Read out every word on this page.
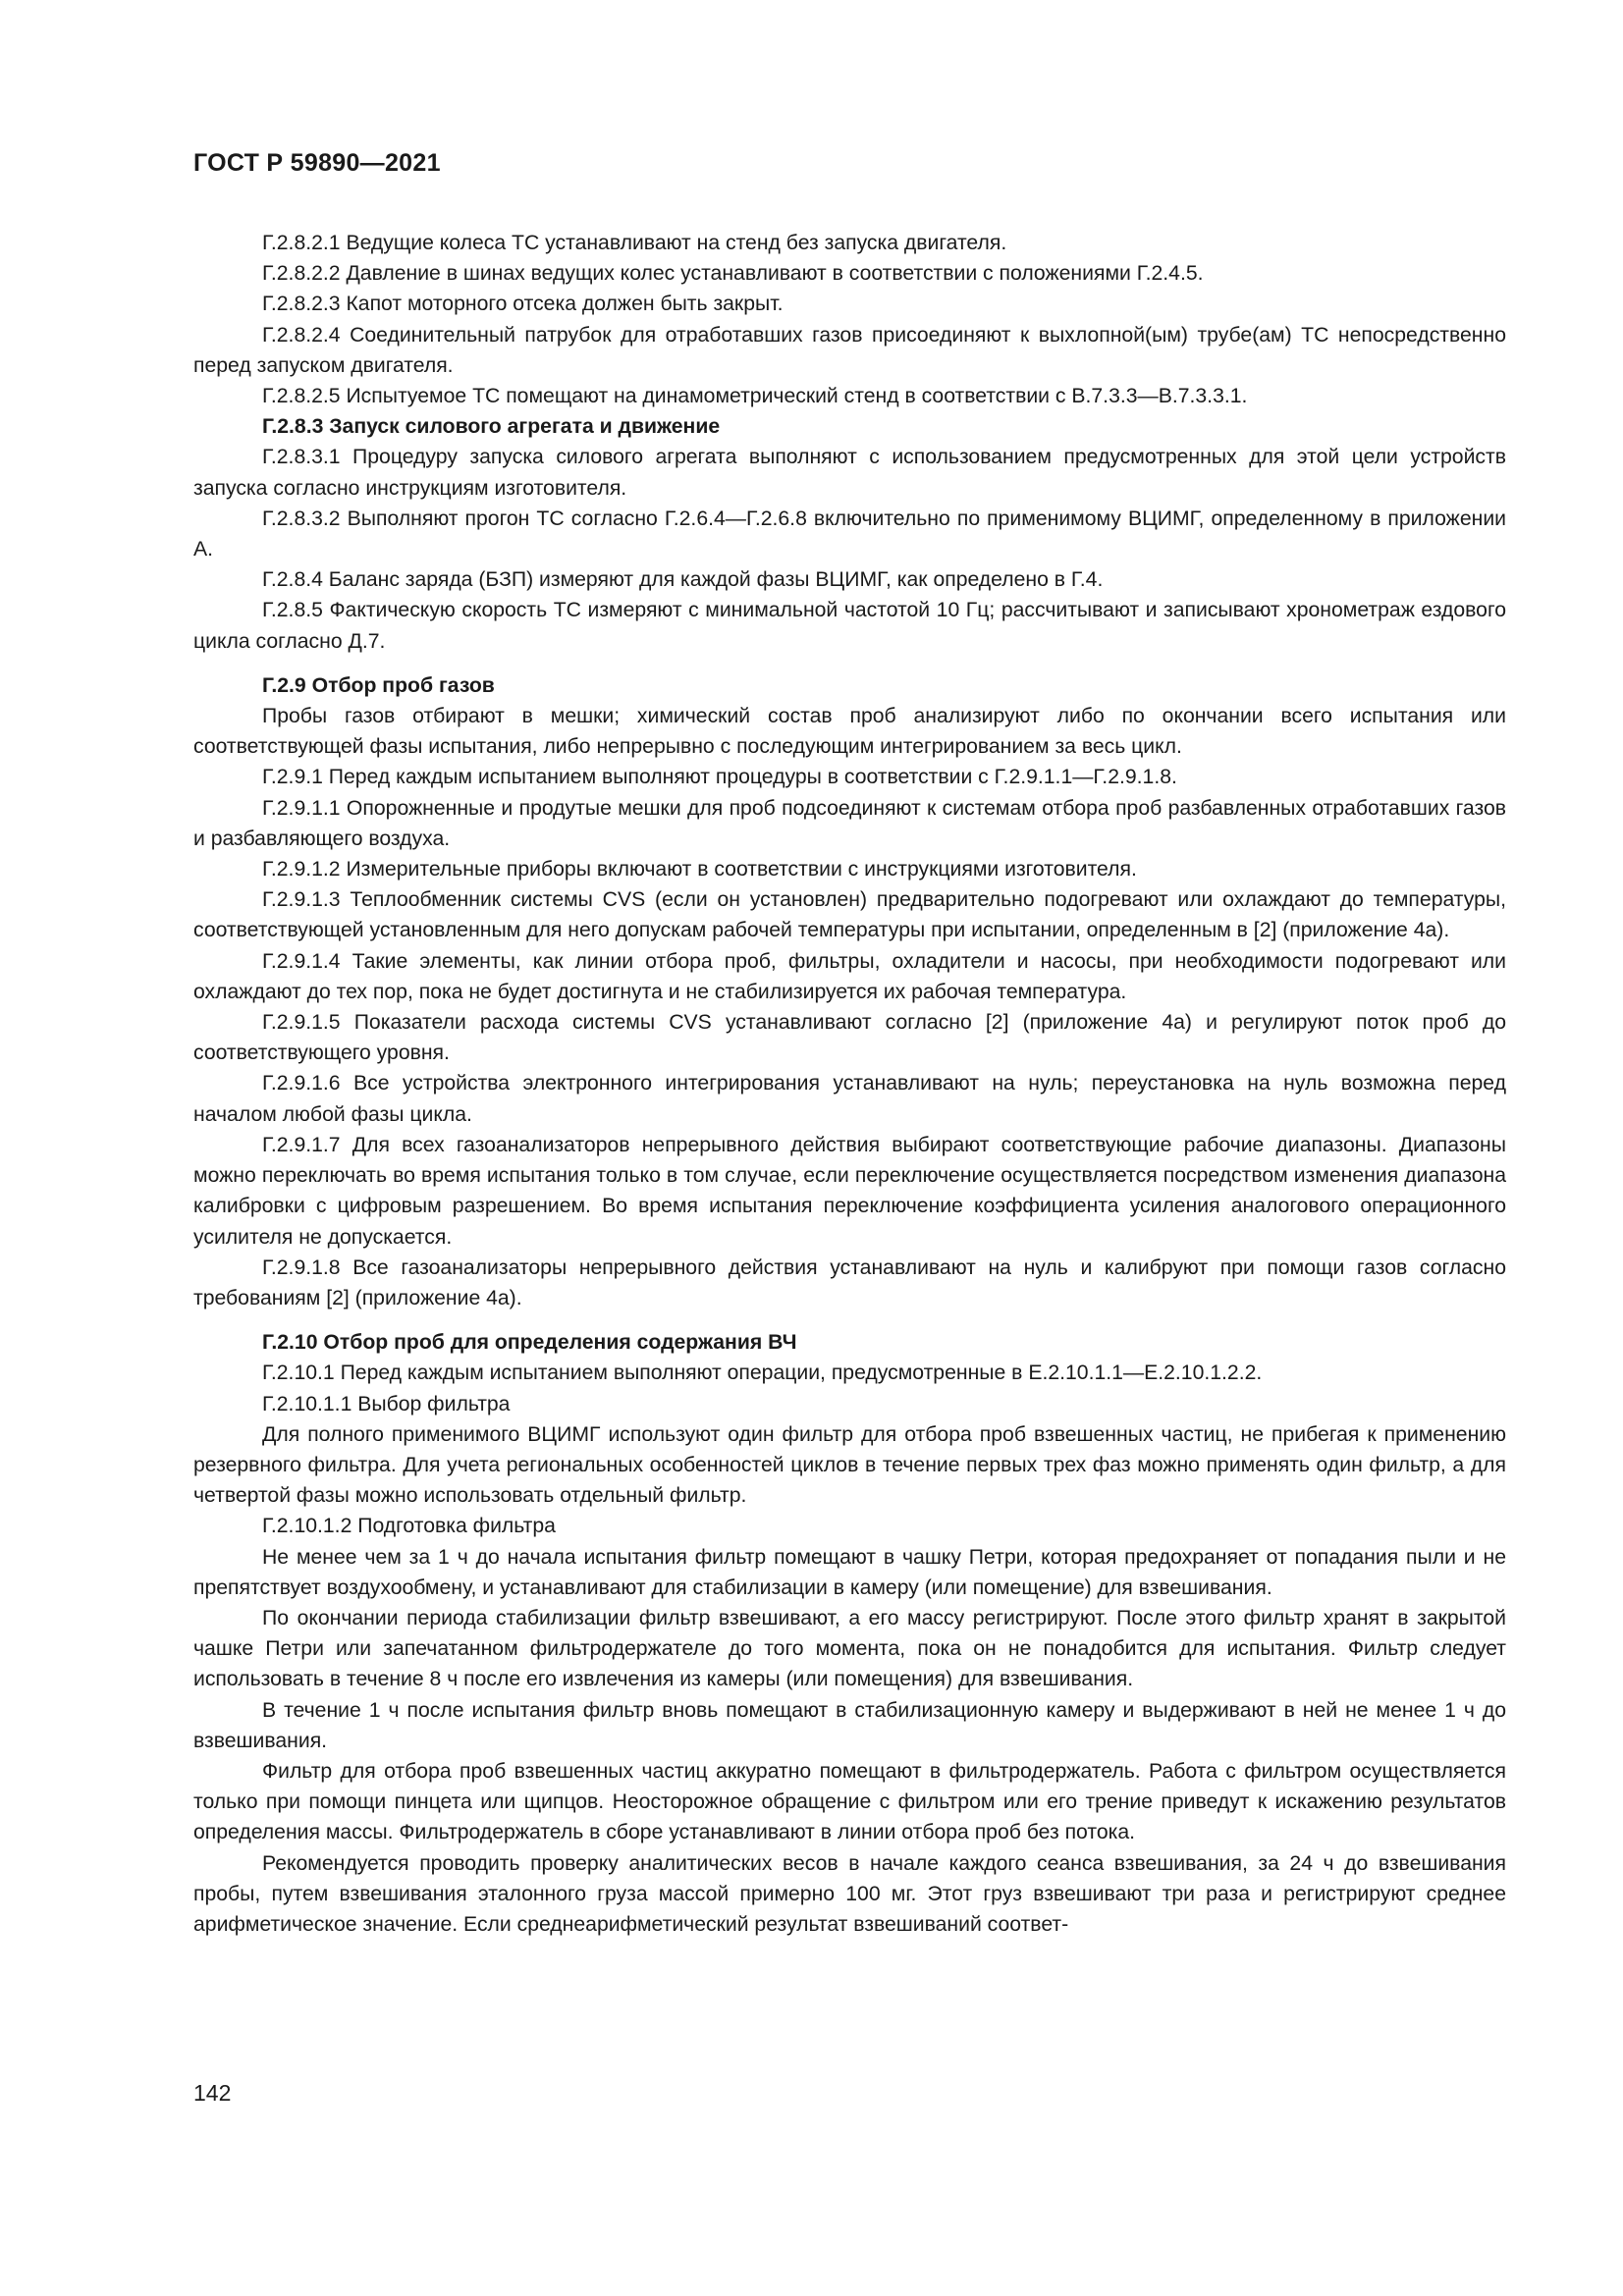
ГОСТ Р 59890—2021

Г.2.8.2.1 Ведущие колеса ТС устанавливают на стенд без запуска двигателя.

Г.2.8.2.2 Давление в шинах ведущих колес устанавливают в соответствии с положениями Г.2.4.5.

Г.2.8.2.3 Капот моторного отсека должен быть закрыт.

Г.2.8.2.4 Соединительный патрубок для отработавших газов присоединяют к выхлопной(ым) трубе(ам) ТС непосредственно перед запуском двигателя.

Г.2.8.2.5 Испытуемое ТС помещают на динамометрический стенд в соответствии с В.7.3.3—В.7.3.3.1.

Г.2.8.3 Запуск силового агрегата и движение

Г.2.8.3.1 Процедуру запуска силового агрегата выполняют с использованием предусмотренных для этой цели устройств запуска согласно инструкциям изготовителя.

Г.2.8.3.2 Выполняют прогон ТС согласно Г.2.6.4—Г.2.6.8 включительно по применимому ВЦИМГ, определенному в приложении А.

Г.2.8.4 Баланс заряда (БЗП) измеряют для каждой фазы ВЦИМГ, как определено в Г.4.

Г.2.8.5 Фактическую скорость ТС измеряют с минимальной частотой 10 Гц; рассчитывают и записывают хронометраж ездового цикла согласно Д.7.

Г.2.9 Отбор проб газов

Пробы газов отбирают в мешки; химический состав проб анализируют либо по окончании всего испытания или соответствующей фазы испытания, либо непрерывно с последующим интегрированием за весь цикл.

Г.2.9.1 Перед каждым испытанием выполняют процедуры в соответствии с Г.2.9.1.1—Г.2.9.1.8.

Г.2.9.1.1 Опорожненные и продутые мешки для проб подсоединяют к системам отбора проб разбавленных отработавших газов и разбавляющего воздуха.

Г.2.9.1.2 Измерительные приборы включают в соответствии с инструкциями изготовителя.

Г.2.9.1.3 Теплообменник системы CVS (если он установлен) предварительно подогревают или охлаждают до температуры, соответствующей установленным для него допускам рабочей температуры при испытании, определенным в [2] (приложение 4а).

Г.2.9.1.4 Такие элементы, как линии отбора проб, фильтры, охладители и насосы, при необходимости подогревают или охлаждают до тех пор, пока не будет достигнута и не стабилизируется их рабочая температура.

Г.2.9.1.5 Показатели расхода системы CVS устанавливают согласно [2] (приложение 4а) и регулируют поток проб до соответствующего уровня.

Г.2.9.1.6 Все устройства электронного интегрирования устанавливают на нуль; переустановка на нуль возможна перед началом любой фазы цикла.

Г.2.9.1.7 Для всех газоанализаторов непрерывного действия выбирают соответствующие рабочие диапазоны. Диапазоны можно переключать во время испытания только в том случае, если переключение осуществляется посредством изменения диапазона калибровки с цифровым разрешением. Во время испытания переключение коэффициента усиления аналогового операционного усилителя не допускается.

Г.2.9.1.8 Все газоанализаторы непрерывного действия устанавливают на нуль и калибруют при помощи газов согласно требованиям [2] (приложение 4а).

Г.2.10 Отбор проб для определения содержания ВЧ

Г.2.10.1 Перед каждым испытанием выполняют операции, предусмотренные в Е.2.10.1.1—Е.2.10.1.2.2.

Г.2.10.1.1 Выбор фильтра

Для полного применимого ВЦИМГ используют один фильтр для отбора проб взвешенных частиц, не прибегая к применению резервного фильтра. Для учета региональных особенностей циклов в течение первых трех фаз можно применять один фильтр, а для четвертой фазы можно использовать отдельный фильтр.

Г.2.10.1.2 Подготовка фильтра

Не менее чем за 1 ч до начала испытания фильтр помещают в чашку Петри, которая предохраняет от попадания пыли и не препятствует воздухообмену, и устанавливают для стабилизации в камеру (или помещение) для взвешивания.

По окончании периода стабилизации фильтр взвешивают, а его массу регистрируют. После этого фильтр хранят в закрытой чашке Петри или запечатанном фильтродержателе до того момента, пока он не понадобится для испытания. Фильтр следует использовать в течение 8 ч после его извлечения из камеры (или помещения) для взвешивания.

В течение 1 ч после испытания фильтр вновь помещают в стабилизационную камеру и выдерживают в ней не менее 1 ч до взвешивания.

Фильтр для отбора проб взвешенных частиц аккуратно помещают в фильтродержатель. Работа с фильтром осуществляется только при помощи пинцета или щипцов. Неосторожное обращение с фильтром или его трение приведут к искажению результатов определения массы. Фильтродержатель в сборе устанавливают в линии отбора проб без потока.

Рекомендуется проводить проверку аналитических весов в начале каждого сеанса взвешивания, за 24 ч до взвешивания пробы, путем взвешивания эталонного груза массой примерно 100 мг. Этот груз взвешивают три раза и регистрируют среднее арифметическое значение. Если среднеарифметический результат взвешиваний соответ-

142
